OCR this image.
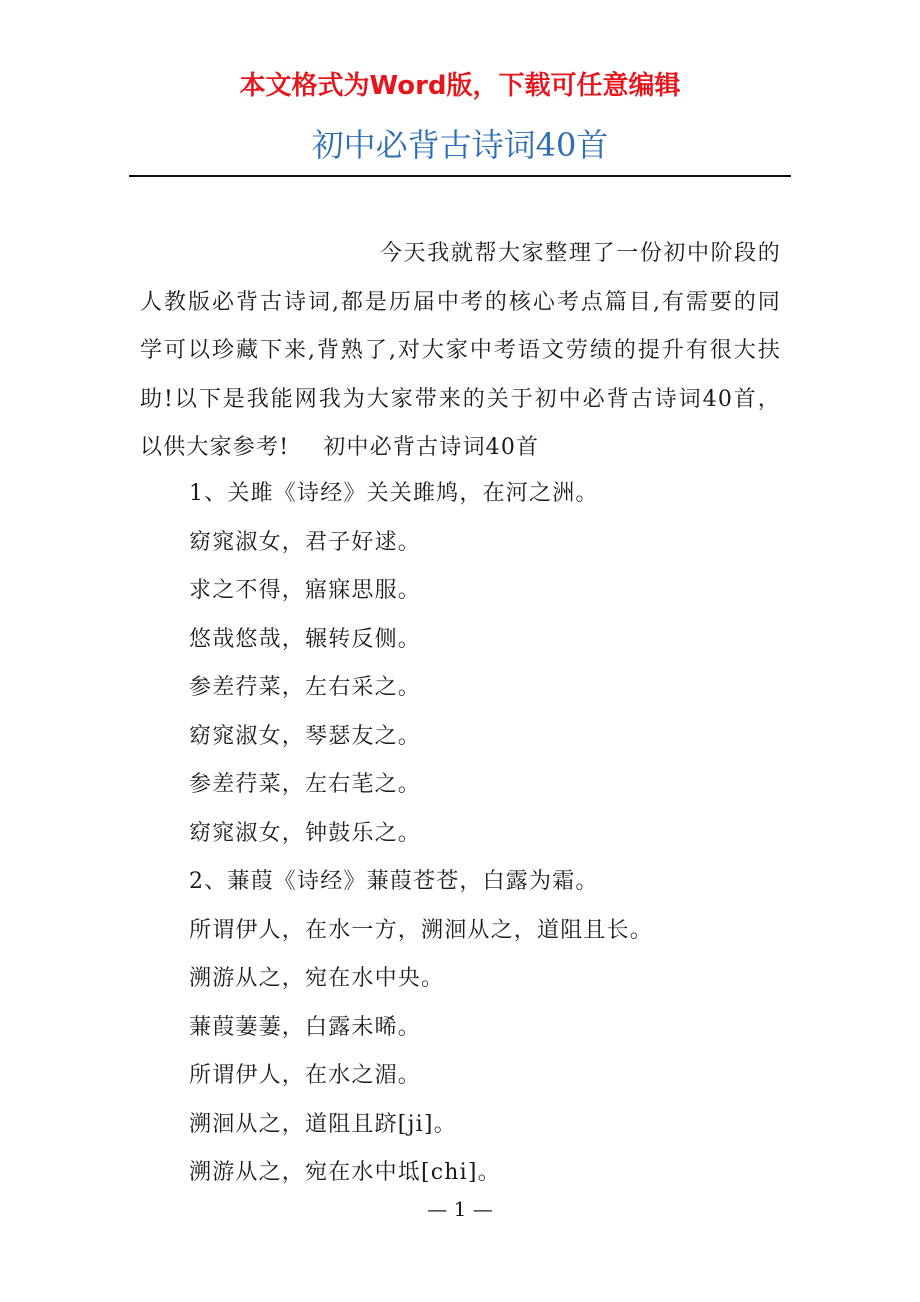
本文格式为Word版，下载可任意编辑
初中必背古诗词40首

今天我就帮大家整理了一份初中阶段的人教版必背古诗词,都是历届中考的核心考点篇目,有需要的同学可以珍藏下来,背熟了,对大家中考语文劳绩的提升有很大扶助!以下是我能网我为大家带来的关于初中必背古诗词40首，以供大家参考! 初中必背古诗词40首

1、关雎《诗经》关关雎鸠，在河之洲。
窈窕淑女，君子好逑。
求之不得，寤寐思服。
悠哉悠哉，辗转反侧。
参差荇菜，左右采之。
窈窕淑女，琴瑟友之。
参差荇菜，左右芼之。
窈窕淑女，钟鼓乐之。
2、蒹葭《诗经》蒹葭苍苍，白露为霜。
所谓伊人，在水一方，溯洄从之，道阻且长。
溯游从之，宛在水中央。
蒹葭萋萋，白露未晞。
所谓伊人，在水之湄。
溯洄从之，道阻且跻[ji]。
溯游从之，宛在水中坻[chi]。
— 1 —
